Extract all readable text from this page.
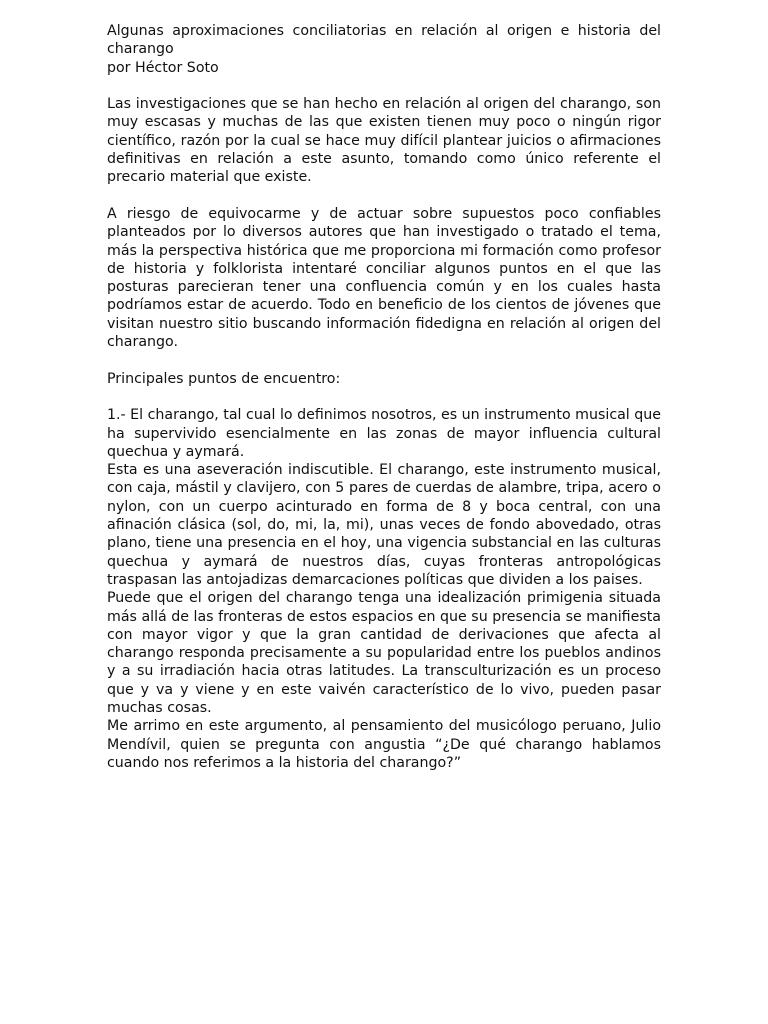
Algunas aproximaciones conciliatorias en relación al origen e historia del charango

por Héctor Soto

Las investigaciones que se han hecho en relación al origen del charango, son muy escasas y muchas de las que existen tienen muy poco o ningún rigor científico, razón por la cual se hace muy difícil plantear juicios o afirmaciones definitivas en relación a este asunto, tomando como único referente el precario material que existe.

A riesgo de equivocarme y de actuar sobre supuestos poco confiables planteados por lo diversos autores que han investigado o tratado el tema, más la perspectiva histórica que me proporciona mi formación como profesor de historia y folklorista intentaré conciliar algunos puntos en el que las posturas parecieran tener una confluencia común y en los cuales hasta podríamos estar de acuerdo. Todo en beneficio de los cientos de jóvenes que visitan nuestro sitio buscando información fidedigna en relación al origen del charango.

Principales puntos de encuentro:

1.- El charango, tal cual lo definimos nosotros, es un instrumento musical que ha supervivido esencialmente en las zonas de mayor influencia cultural quechua y aymará.

Esta es una aseveración indiscutible. El charango, este instrumento musical, con caja, mástil y clavijero, con 5 pares de cuerdas de alambre, tripa, acero o nylon, con un cuerpo acinturado en forma de 8 y boca central, con una afinación clásica (sol, do, mi, la, mi), unas veces de fondo abovedado, otras plano, tiene una presencia en el hoy, una vigencia substancial en las culturas quechua y aymará de nuestros días, cuyas fronteras antropológicas traspasan las antojadizas demarcaciones políticas que dividen a los paises.

Puede que el origen del charango tenga una idealización primigenia situada más allá de las fronteras de estos espacios en que su presencia se manifiesta con mayor vigor y que la gran cantidad de derivaciones que afecta al charango responda precisamente a su popularidad entre los pueblos andinos y a su irradiación hacia otras latitudes. La transculturización es un proceso que y va y viene y en este vaivén característico de lo vivo, pueden pasar muchas cosas.

Me arrimo en este argumento, al pensamiento del musicólogo peruano, Julio Mendívil, quien se pregunta con angustia “¿De qué charango hablamos cuando nos referimos a la historia del charango?”
